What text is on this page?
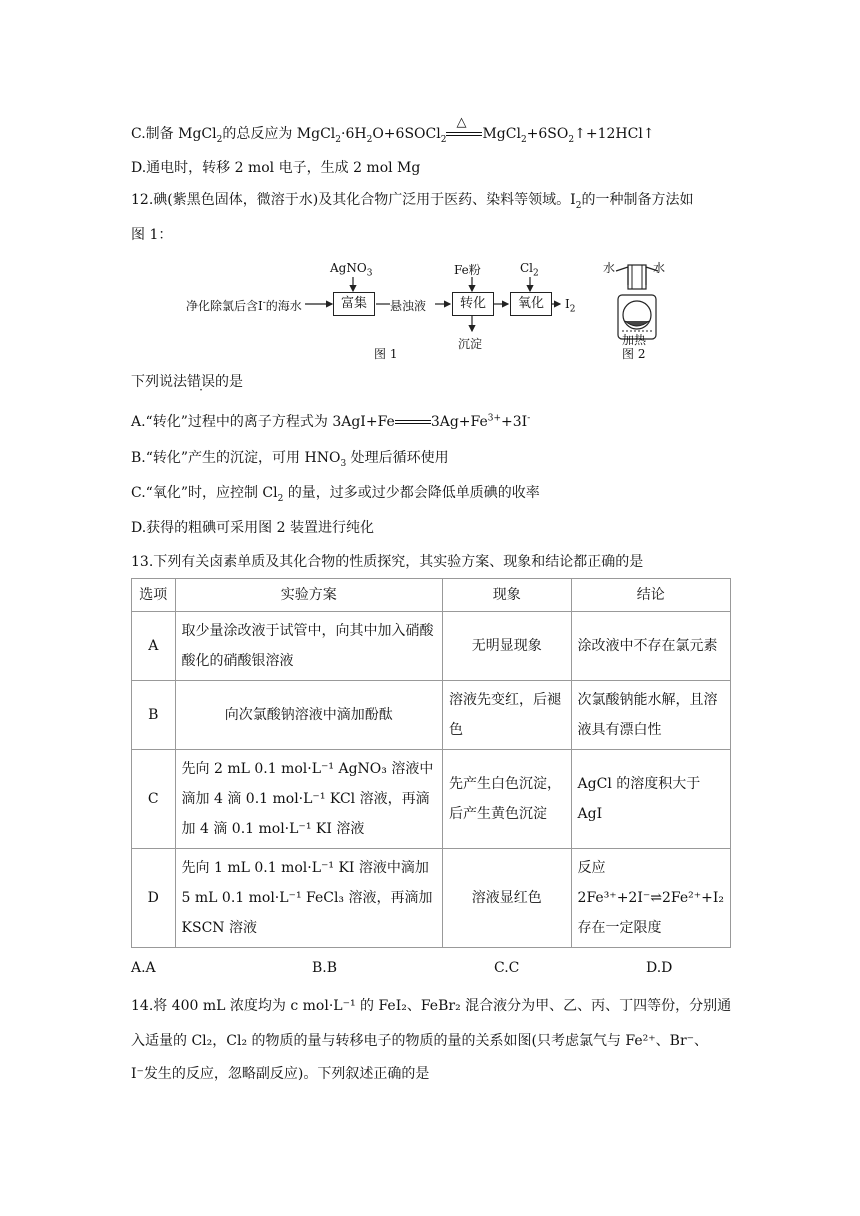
C.制备 MgCl$_2$的总反应为 $MgCl_2\cdot 6H_2O+6SOCl_2$
△
$MgCl_2+6SO_2↑+12HCl↑$
D.通电时，转移 2 mol 电子，生成 2 mol Mg
12.碘(紫黑色固体，微溶于水)及其化合物广泛用于医药、染料等领域。$I_2$的一种制备方法如
图 1：
净化除氯后含I-的海水
AgNO$_3$
富集	悬浊液
Fe粉
转化
沉淀
$Cl_2$
氧化	$I_2$
图 1
水	水
加热
图 2
下列说法错误的是
A.“转化”过程中的离子方程式为 3AgI+Fe	$3Ag+Fe^{3+}+3I^-$
B.“转化”产生的沉淀，可用 $HNO_3$ 处理后循环使用
C.“氧化”时，应控制 $Cl_2$ 的量，过多或过少都会降低单质碘的收率
D.获得的粗碘可采用图 2 装置进行纯化
13.下列有关卤素单质及其化合物的性质探究，其实验方案、现象和结论都正确的是
选项	实验方案	现象	结论
A	取少量涂改液于试管中，向其中加入硝酸酸化的硝酸银溶液	无明显现象	涂改液中不存在氯元素
B	向次氯酸钠溶液中滴加酚酞	溶液先变红，后褪色	次氯酸钠能水解，且溶液具有漂白性
C	先向 2 mL 0.1 mol·L⁻¹ AgNO₃ 溶液中滴加 4 滴 0.1 mol·L⁻¹ KCl 溶液，再滴加 4 滴 0.1 mol·L⁻¹ KI 溶液	先产生白色沉淀，后产生黄色沉淀	AgCl 的溶度积大于 AgI
D	先向 1 mL 0.1 mol·L⁻¹ KI 溶液中滴加 5 mL 0.1 mol·L⁻¹ FeCl₃ 溶液，再滴加 KSCN 溶液	溶液显红色	反应 2Fe³⁺+2I⁻⇌2Fe²⁺+I₂ 存在一定限度
A.A	B.B	C.C	D.D
14.将 400 mL 浓度均为 c mol·L⁻¹ 的 FeI₂、FeBr₂ 混合液分为甲、乙、丙、丁四等份，分别通
入适量的 Cl₂，Cl₂ 的物质的量与转移电子的物质的量的关系如图(只考虑氯气与 Fe²⁺、Br⁻、
I⁻发生的反应，忽略副反应)。下列叙述正确的是
